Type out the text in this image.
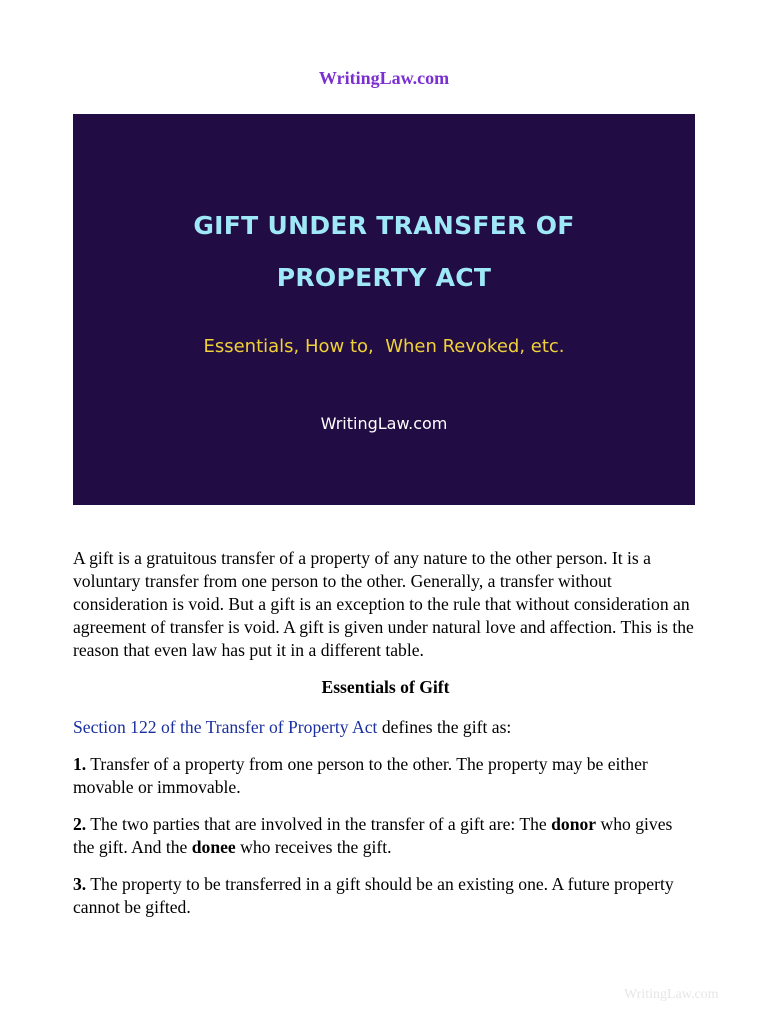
WritingLaw.com
GIFT UNDER TRANSFER OF
PROPERTY ACT
Essentials, How to,  When Revoked, etc.
WritingLaw.com

A gift is a gratuitous transfer of a property of any nature to the other person. It is a voluntary transfer from one person to the other. Generally, a transfer without consideration is void. But a gift is an exception to the rule that without consideration an agreement of transfer is void. A gift is given under natural love and affection. This is the reason that even law has put it in a different table.

Essentials of Gift

Section 122 of the Transfer of Property Act defines the gift as:

1. Transfer of a property from one person to the other. The property may be either movable or immovable.

2. The two parties that are involved in the transfer of a gift are: The donor who gives the gift. And the donee who receives the gift.

3. The property to be transferred in a gift should be an existing one. A future property cannot be gifted.

WritingLaw.com
